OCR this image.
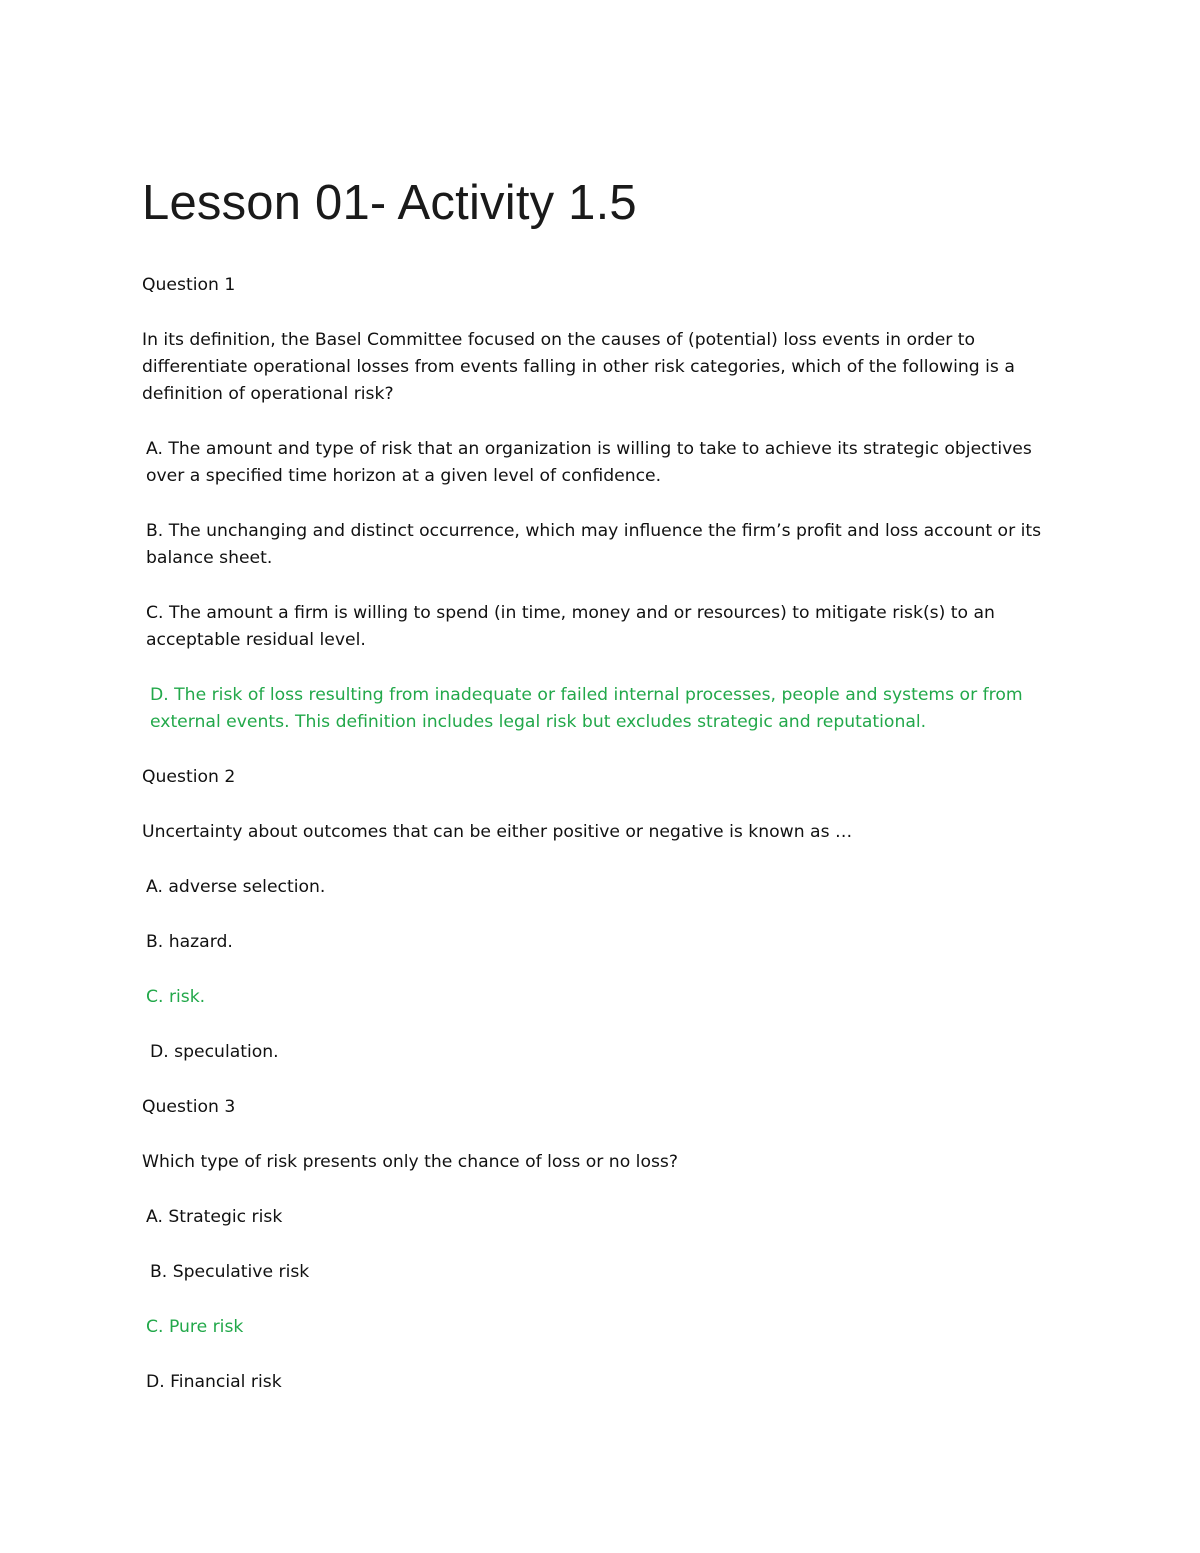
Lesson 01- Activity 1.5
Question 1
In its definition, the Basel Committee focused on the causes of (potential) loss events in order to differentiate operational losses from events falling in other risk categories, which of the following is a definition of operational risk?
A. The amount and type of risk that an organization is willing to take to achieve its strategic objectives over a specified time horizon at a given level of confidence.
B. The unchanging and distinct occurrence, which may influence the firm’s profit and loss account or its balance sheet.
C. The amount a firm is willing to spend (in time, money and or resources) to mitigate risk(s) to an acceptable residual level.
D. The risk of loss resulting from inadequate or failed internal processes, people and systems or from external events. This definition includes legal risk but excludes strategic and reputational.
Question 2
Uncertainty about outcomes that can be either positive or negative is known as …
A. adverse selection.
B. hazard.
C. risk.
D. speculation.
Question 3
Which type of risk presents only the chance of loss or no loss?
A. Strategic risk
B. Speculative risk
C. Pure risk
D. Financial risk
